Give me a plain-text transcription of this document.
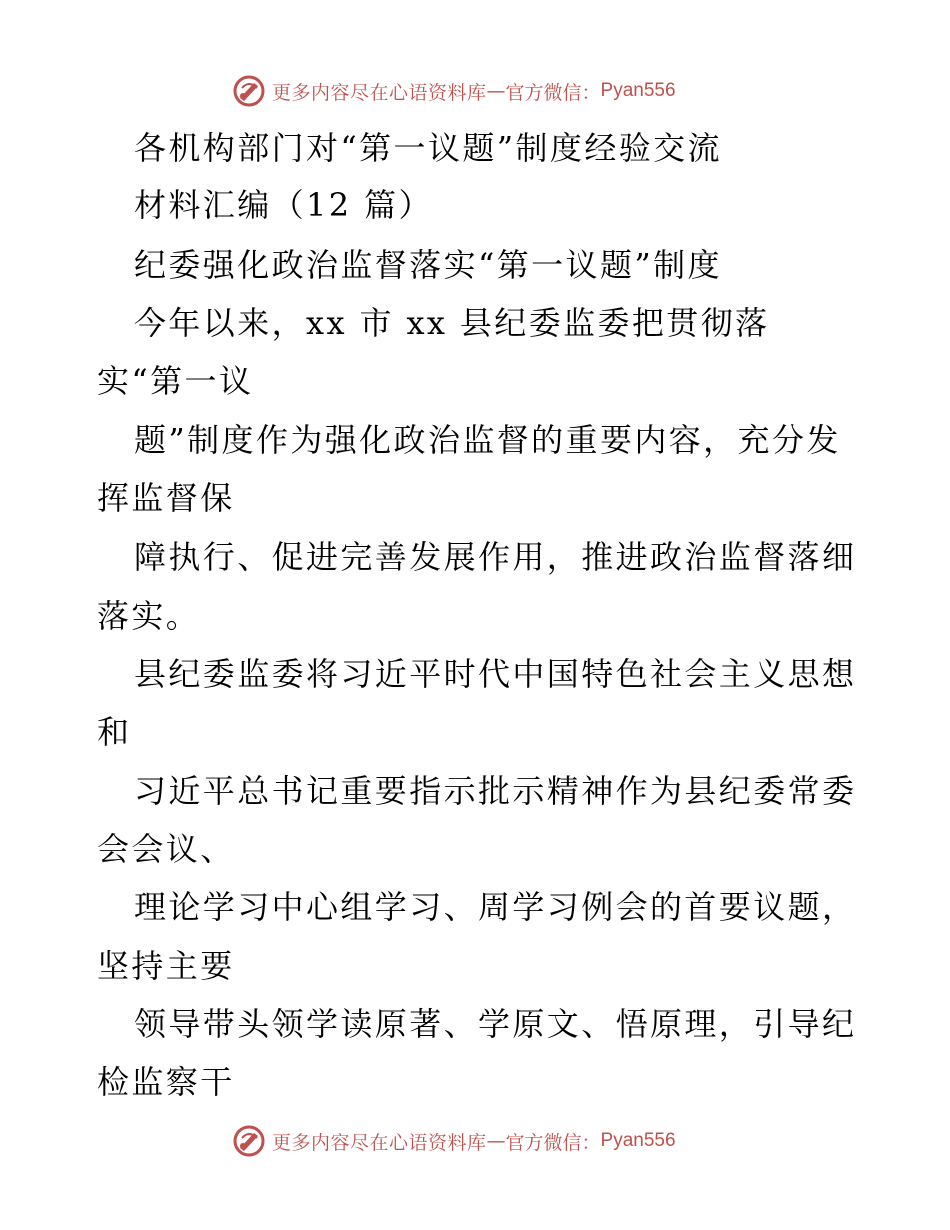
更多内容尽在心语资料库 — 官方微信： Pyan556
各机构部门对“第一议题”制度经验交流
材料汇编（12 篇）
纪委强化政治监督落实“第一议题”制度
今年以来，xx 市 xx 县纪委监委把贯彻落
实“第一议
题”制度作为强化政治监督的重要内容，充分发
挥监督保
障执行、促进完善发展作用，推进政治监督落细
落实。
县纪委监委将习近平时代中国特色社会主义思想
和
习近平总书记重要指示批示精神作为县纪委常委
会会议、
理论学习中心组学习、周学习例会的首要议题，
坚持主要
领导带头领学读原著、学原文、悟原理，引导纪
检监察干
更多内容尽在心语资料库 — 官方微信： Pyan556
